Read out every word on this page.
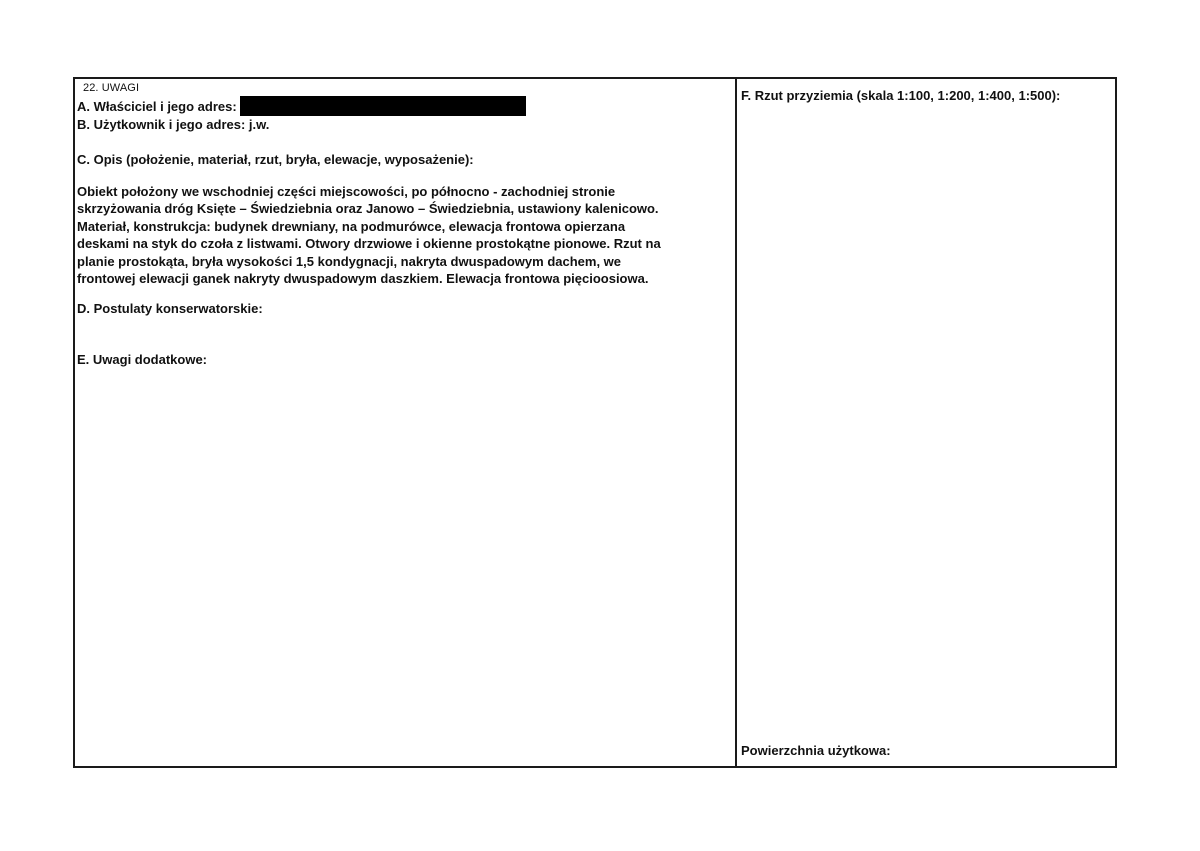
22. UWAGI
A. Właściciel i jego adres:
B. Użytkownik i jego adres: j.w.
C. Opis (położenie, materiał, rzut, bryła, elewacje, wyposażenie):
Obiekt położony we wschodniej części miejscowości, po północno - zachodniej stronie
skrzyżowania dróg Księte – Świedziebnia oraz Janowo – Świedziebnia, ustawiony kalenicowo.
Materiał, konstrukcja: budynek drewniany, na podmurówce, elewacja frontowa opierzana
deskami na styk do czoła z listwami. Otwory drzwiowe i okienne prostokątne pionowe. Rzut na
planie prostokąta, bryła wysokości 1,5 kondygnacji, nakryta dwuspadowym dachem, we
frontowej elewacji ganek nakryty dwuspadowym daszkiem. Elewacja frontowa pięcioosiowa.
D. Postulaty konserwatorskie:
E. Uwagi dodatkowe:
F. Rzut przyziemia (skala 1:100, 1:200, 1:400, 1:500):
Powierzchnia użytkowa:
